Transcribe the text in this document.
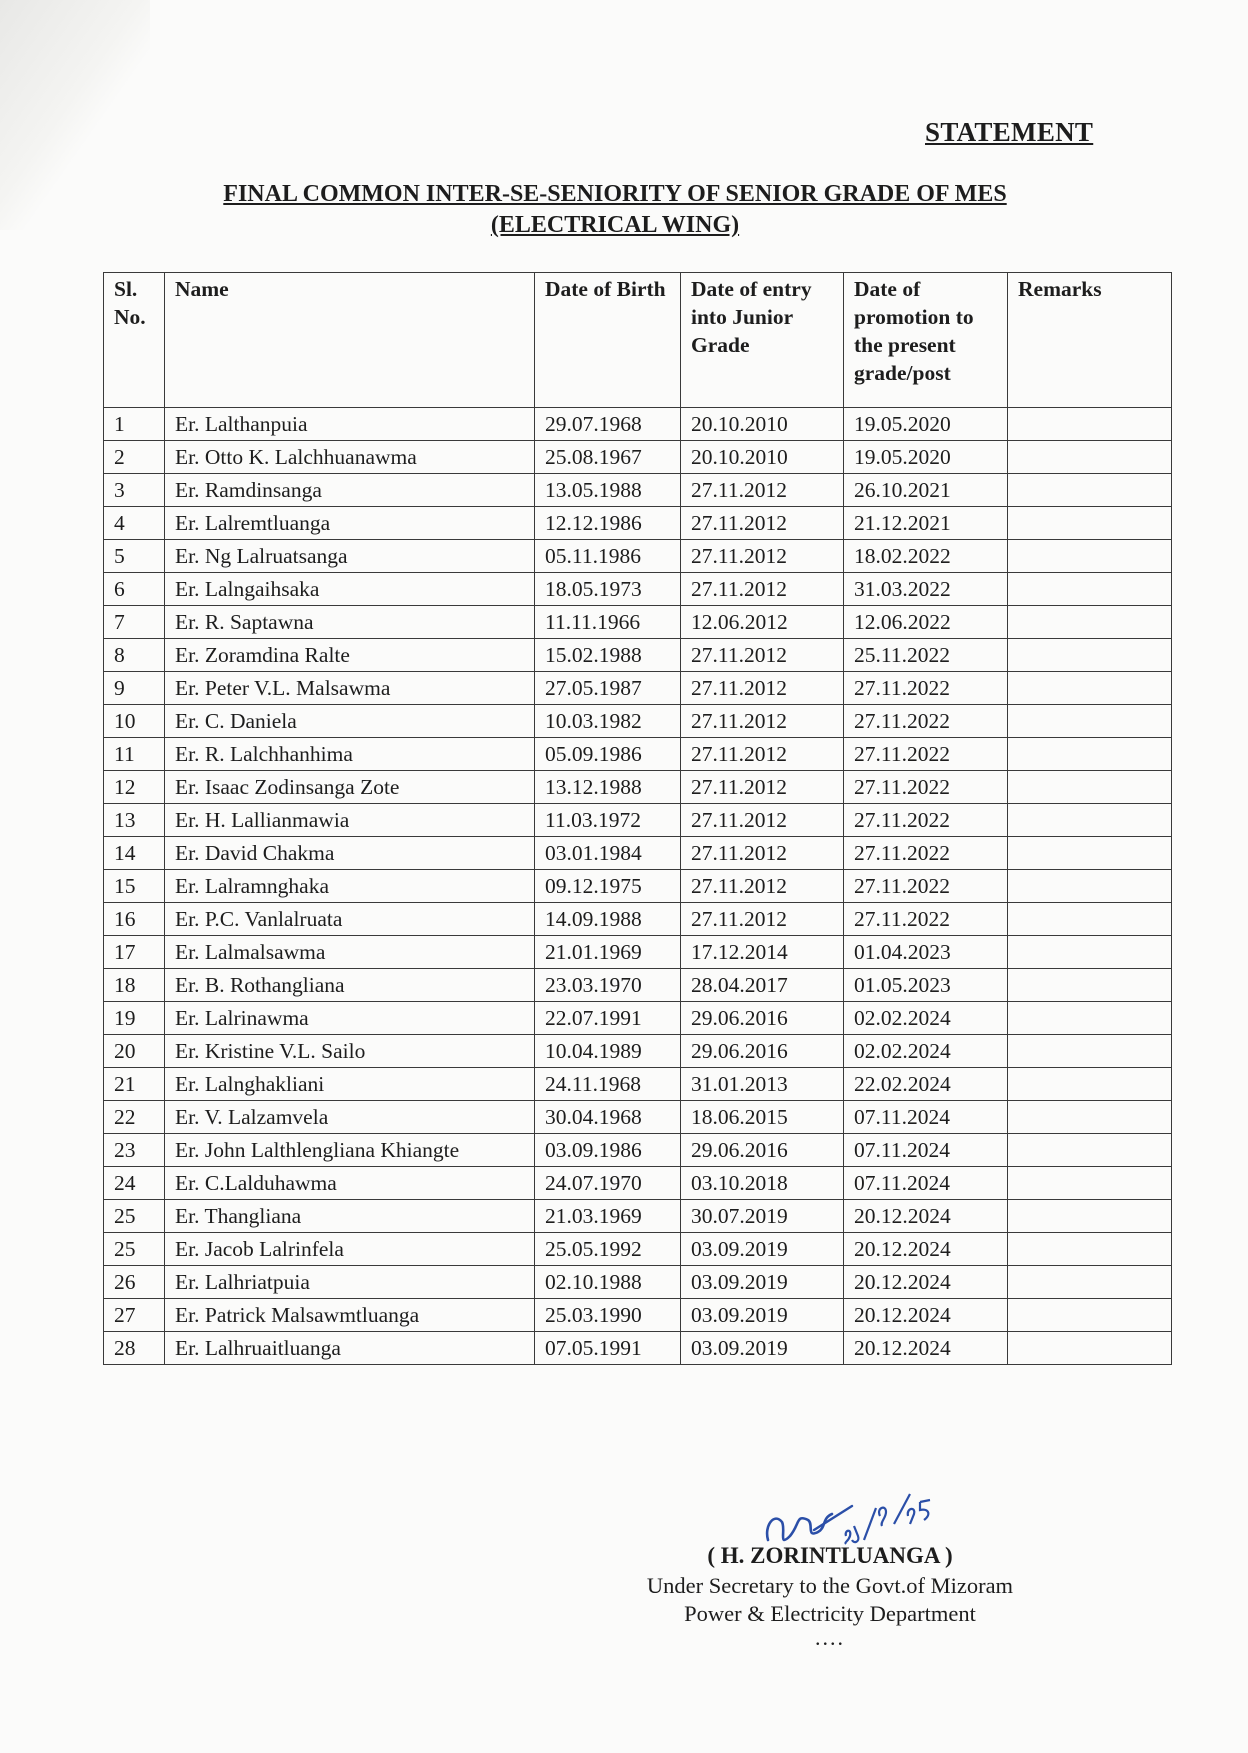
STATEMENT
FINAL COMMON INTER-SE-SENIORITY OF SENIOR GRADE OF MES
(ELECTRICAL WING)
Sl. No.	Name	Date of Birth	Date of entry into Junior Grade	Date of promotion to the present grade/post	Remarks
1	Er. Lalthanpuia	29.07.1968	20.10.2010	19.05.2020	
2	Er. Otto K. Lalchhuanawma	25.08.1967	20.10.2010	19.05.2020	
3	Er. Ramdinsanga	13.05.1988	27.11.2012	26.10.2021	
4	Er. Lalremtluanga	12.12.1986	27.11.2012	21.12.2021	
5	Er. Ng Lalruatsanga	05.11.1986	27.11.2012	18.02.2022	
6	Er. Lalngaihsaka	18.05.1973	27.11.2012	31.03.2022	
7	Er. R. Saptawna	11.11.1966	12.06.2012	12.06.2022	
8	Er. Zoramdina Ralte	15.02.1988	27.11.2012	25.11.2022	
9	Er. Peter V.L. Malsawma	27.05.1987	27.11.2012	27.11.2022	
10	Er. C. Daniela	10.03.1982	27.11.2012	27.11.2022	
11	Er. R. Lalchhanhima	05.09.1986	27.11.2012	27.11.2022	
12	Er. Isaac Zodinsanga Zote	13.12.1988	27.11.2012	27.11.2022	
13	Er. H. Lallianmawia	11.03.1972	27.11.2012	27.11.2022	
14	Er. David Chakma	03.01.1984	27.11.2012	27.11.2022	
15	Er. Lalramnghaka	09.12.1975	27.11.2012	27.11.2022	
16	Er. P.C. Vanlalruata	14.09.1988	27.11.2012	27.11.2022	
17	Er. Lalmalsawma	21.01.1969	17.12.2014	01.04.2023	
18	Er. B. Rothangliana	23.03.1970	28.04.2017	01.05.2023	
19	Er. Lalrinawma	22.07.1991	29.06.2016	02.02.2024	
20	Er. Kristine V.L. Sailo	10.04.1989	29.06.2016	02.02.2024	
21	Er. Lalnghakliani	24.11.1968	31.01.2013	22.02.2024	
22	Er. V. Lalzamvela	30.04.1968	18.06.2015	07.11.2024	
23	Er. John Lalthlengliana Khiangte	03.09.1986	29.06.2016	07.11.2024	
24	Er. C.Lalduhawma	24.07.1970	03.10.2018	07.11.2024	
25	Er. Thangliana	21.03.1969	30.07.2019	20.12.2024	
25	Er. Jacob Lalrinfela	25.05.1992	03.09.2019	20.12.2024	
26	Er. Lalhriatpuia	02.10.1988	03.09.2019	20.12.2024	
27	Er. Patrick Malsawmtluanga	25.03.1990	03.09.2019	20.12.2024	
28	Er. Lalhruaitluanga	07.05.1991	03.09.2019	20.12.2024	
( H. ZORINTLUANGA )
Under Secretary to the Govt.of Mizoram
Power & Electricity Department
....
